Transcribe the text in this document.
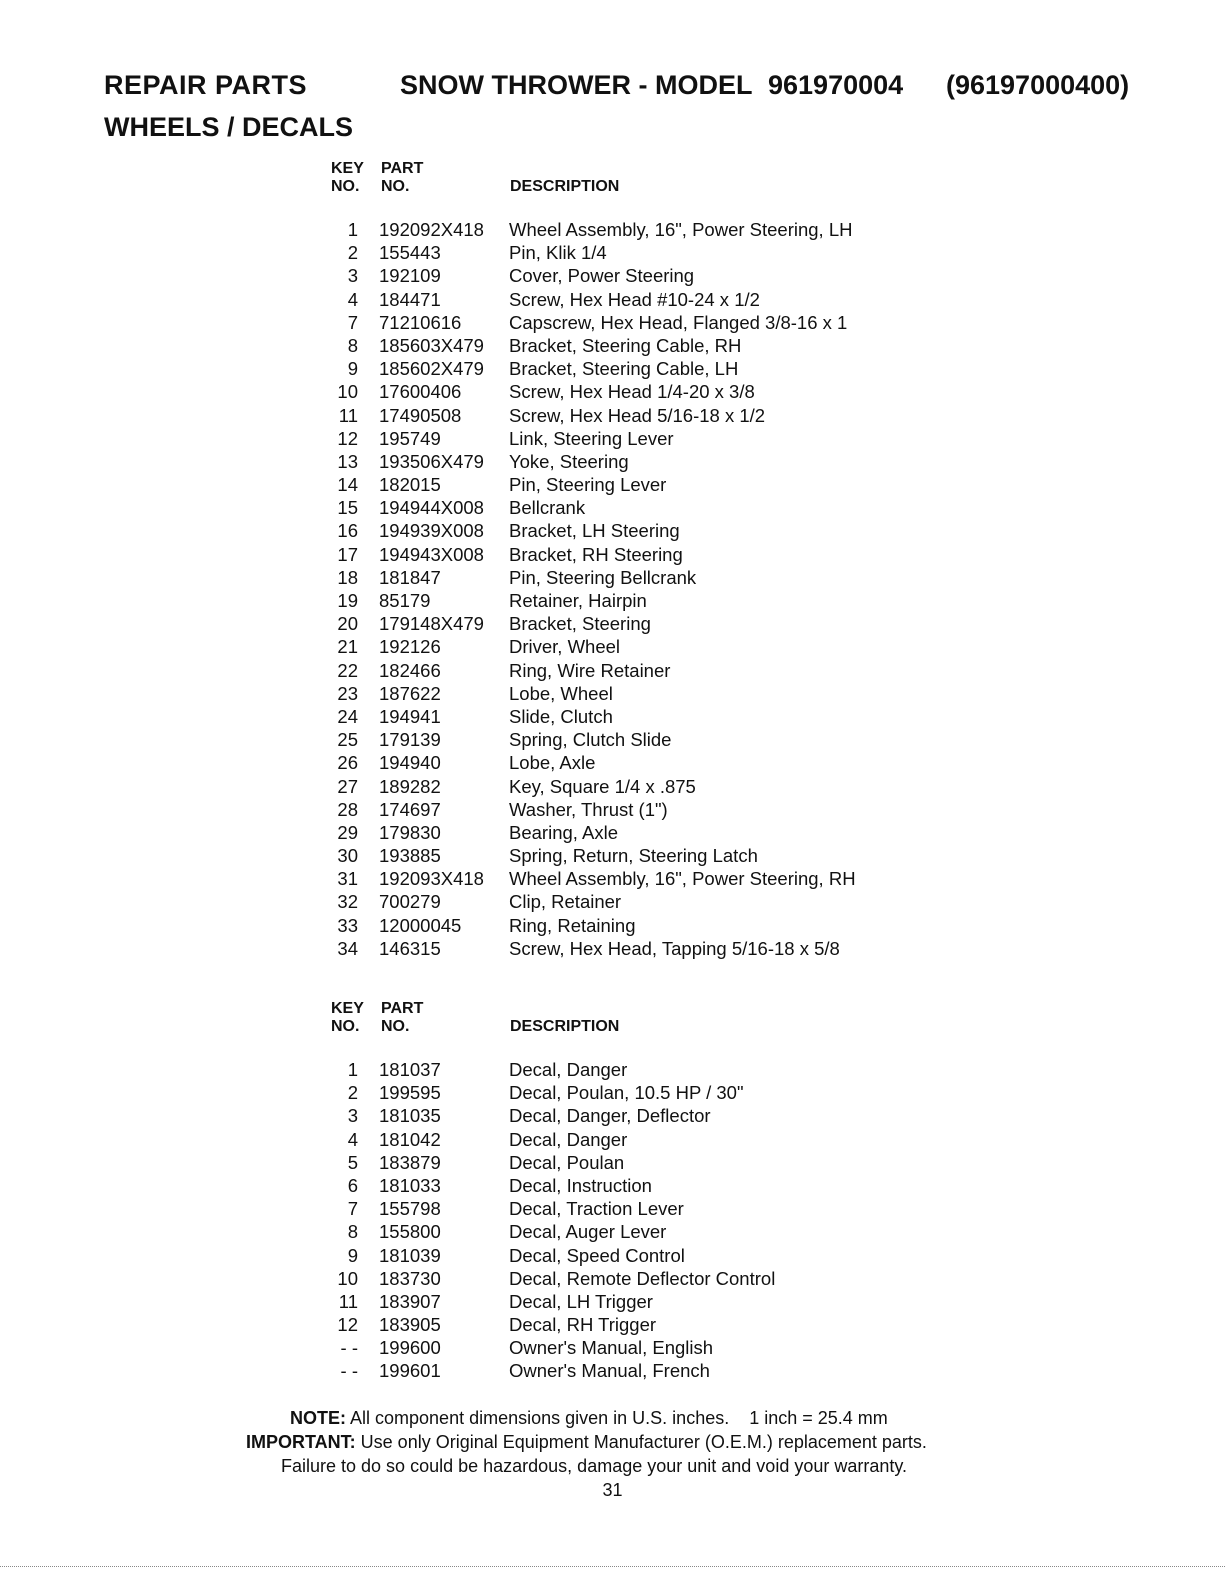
REPAIR PARTS	SNOW THROWER - MODEL 961970004 (96197000400)
WHEELS / DECALS
KEY
NO.
PART
NO.	DESCRIPTION
1 192092X418 Wheel Assembly, 16", Power Steering, LH
2 155443	Pin, Klik 1/4
3 192109	Cover, Power Steering
4 184471	Screw, Hex Head #10-24 x 1/2
7 71210616	Capscrew, Hex Head, Flanged 3/8-16 x 1
8 185603X479 Bracket, Steering Cable, RH
9 185602X479 Bracket, Steering Cable, LH
10 17600406	Screw, Hex Head 1/4-20 x 3/8
11 17490508	Screw, Hex Head 5/16-18 x 1/2
12 195749	Link, Steering Lever
13 193506X479 Yoke, Steering
14 182015	Pin, Steering Lever
15 194944X008 Bellcrank
16 194939X008 Bracket, LH Steering
17 194943X008 Bracket, RH Steering
18 181847	Pin, Steering Bellcrank
19 85179	Retainer, Hairpin
20 179148X479 Bracket, Steering
21 192126	Driver, Wheel
22 182466	Ring, Wire Retainer
23 187622	Lobe, Wheel
24 194941	Slide, Clutch
25 179139	Spring, Clutch Slide
26 194940	Lobe, Axle
27 189282	Key, Square 1/4 x .875
28 174697	Washer, Thrust (1")
29 179830	Bearing, Axle
30 193885	Spring, Return, Steering Latch
31 192093X418 Wheel Assembly, 16", Power Steering, RH
32 700279	Clip, Retainer
33 12000045	Ring, Retaining
34 146315	Screw, Hex Head, Tapping 5/16-18 x 5/8
KEY
NO.
PART
NO.	DESCRIPTION
1 181037	Decal, Danger
2 199595	Decal, Poulan, 10.5 HP / 30"
3 181035	Decal, Danger, Deflector
4 181042	Decal, Danger
5 183879	Decal, Poulan
6 181033	Decal, Instruction
7 155798	Decal, Traction Lever
8 155800	Decal, Auger Lever
9 181039	Decal, Speed Control
10 183730	Decal, Remote Deflector Control
11 183907	Decal, LH Trigger
12 183905	Decal, RH Trigger
- - 199600	Owner's Manual, English
- - 199601	Owner's Manual, French
NOTE: All component dimensions given in U.S. inches.    1 inch = 25.4 mm
IMPORTANT: Use only Original Equipment Manufacturer (O.E.M.) replacement parts.
Failure to do so could be hazardous, damage your unit and void your warranty.
31
